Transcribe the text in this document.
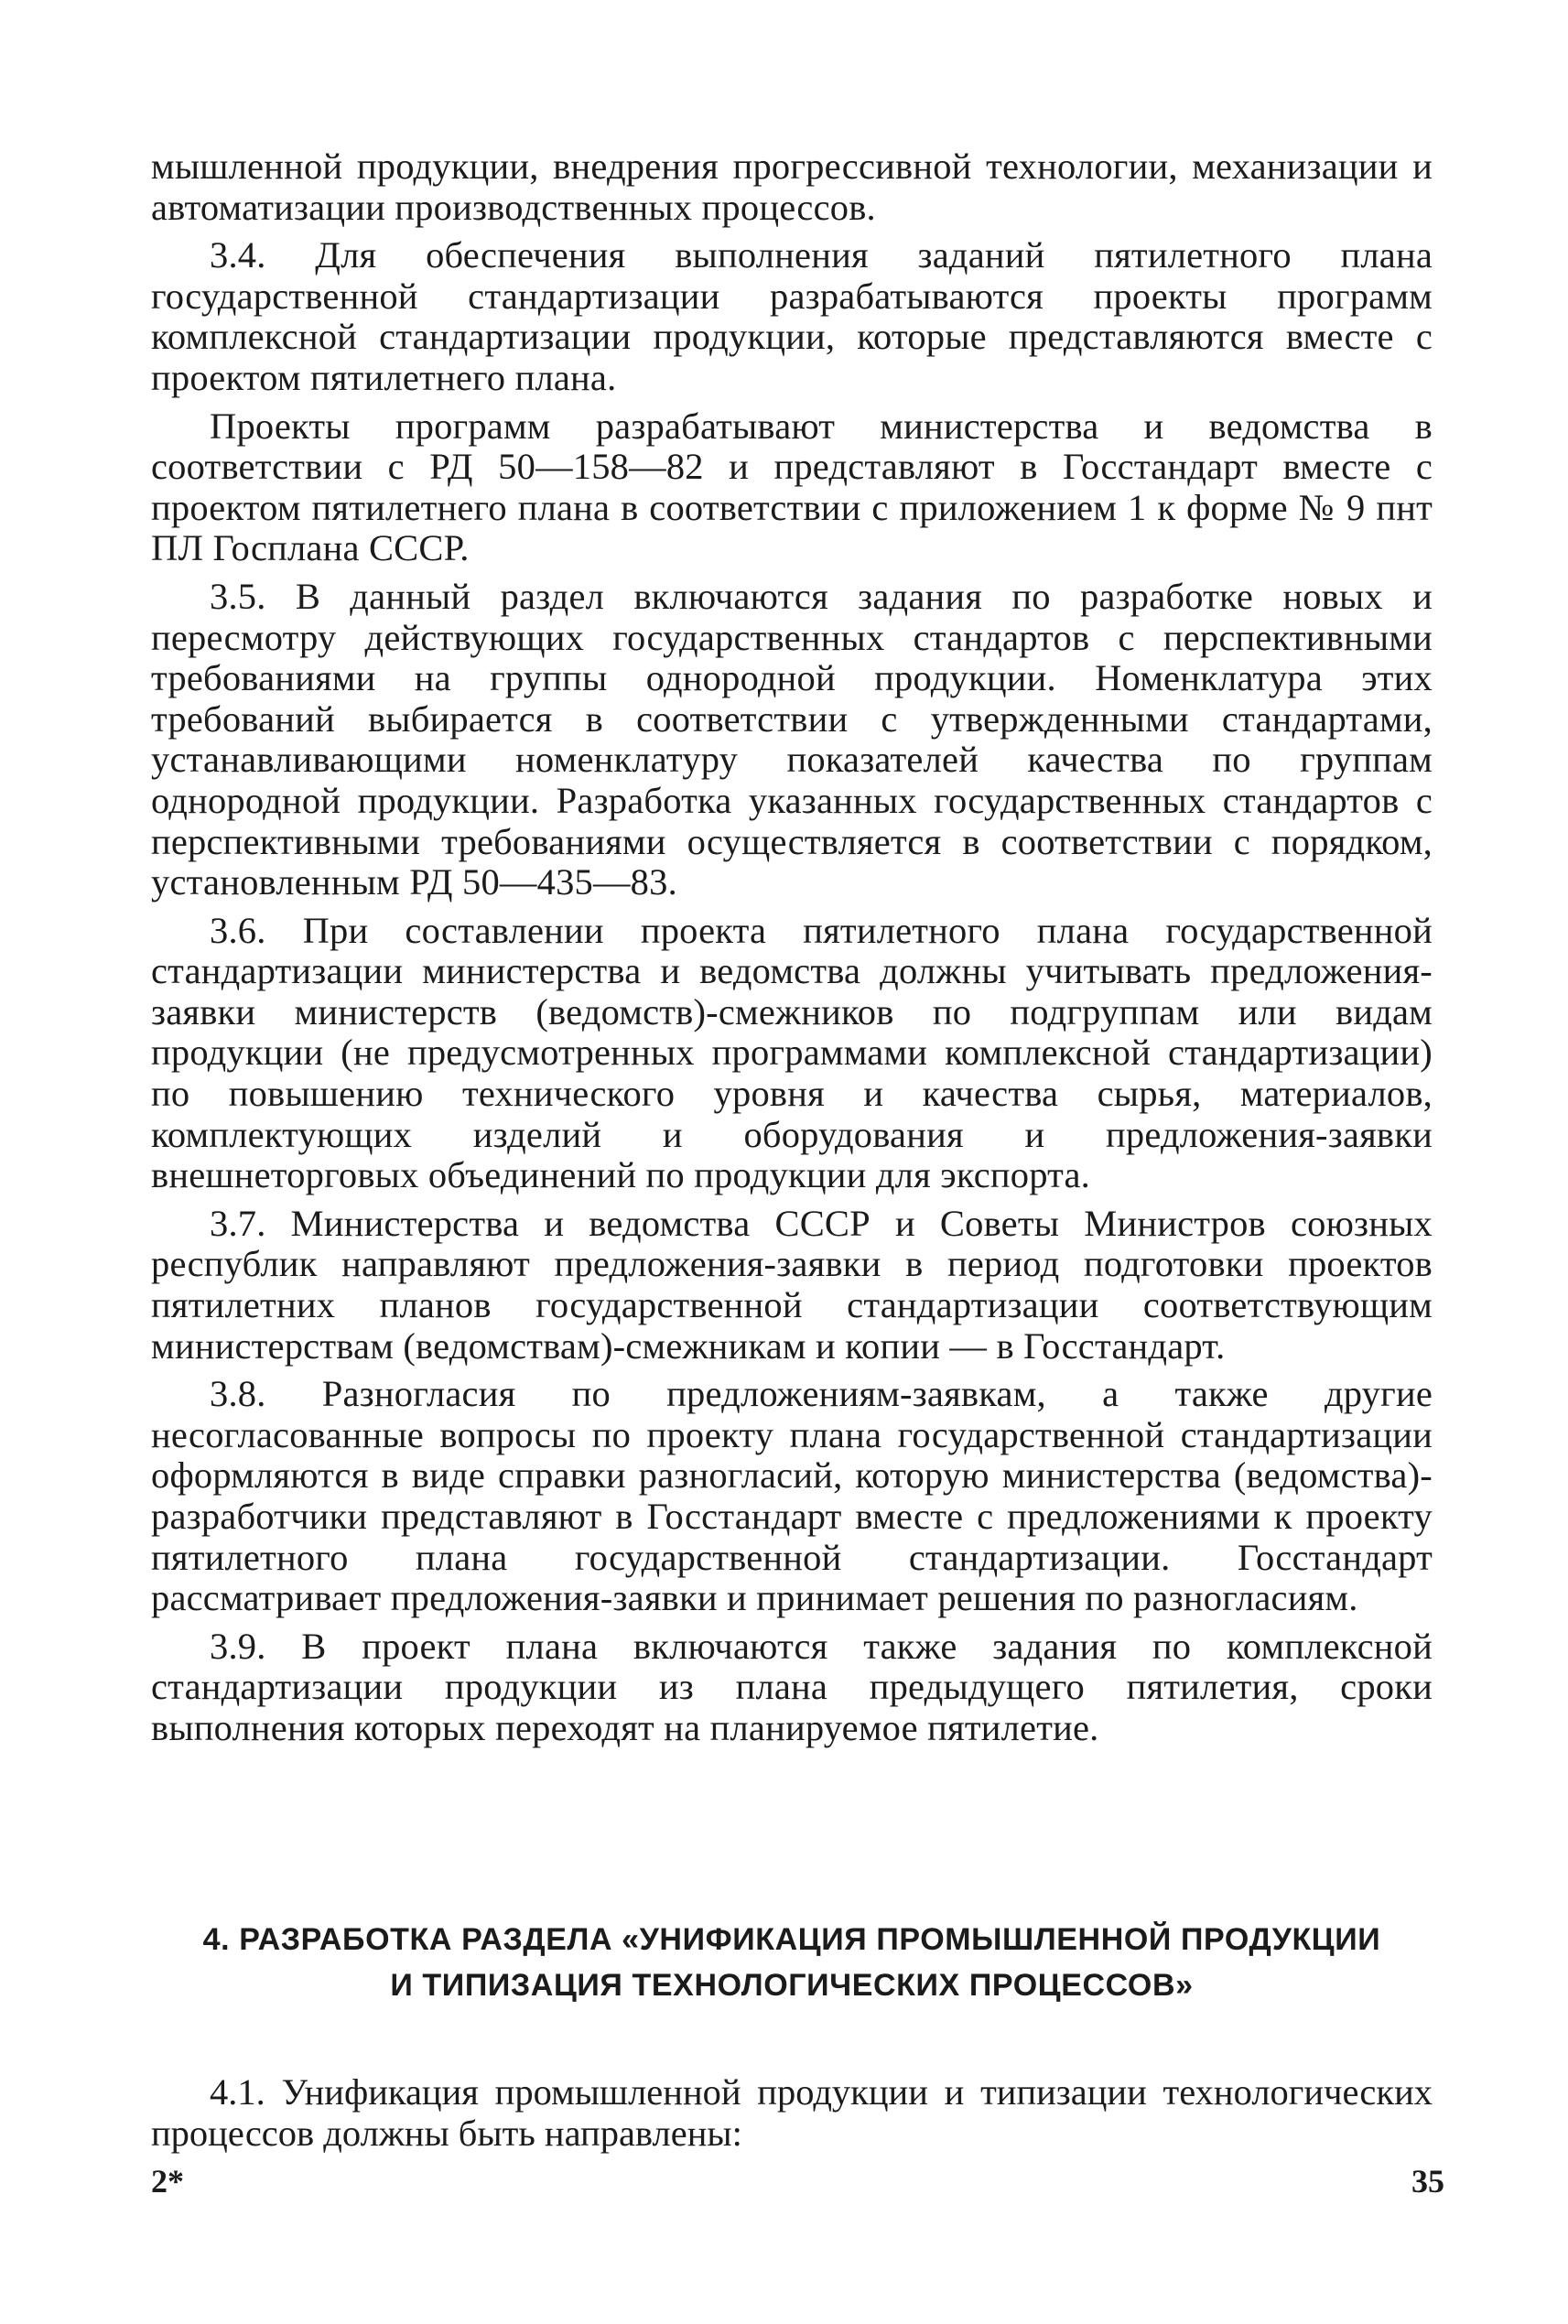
мышленной продукции, внедрения прогрессивной технологии, механизации и автоматизации производственных процессов.

3.4. Для обеспечения выполнения заданий пятилетного плана государственной стандартизации разрабатываются проекты программ комплексной стандартизации продукции, которые представляются вместе с проектом пятилетнего плана.

Проекты программ разрабатывают министерства и ведомства в соответствии с РД 50—158—82 и представляют в Госстандарт вместе с проектом пятилетнего плана в соответствии с приложением 1 к форме № 9 пнт ПЛ Госплана СССР.

3.5. В данный раздел включаются задания по разработке новых и пересмотру действующих государственных стандартов с перспективными требованиями на группы однородной продукции. Номенклатура этих требований выбирается в соответствии с утвержденными стандартами, устанавливающими номенклатуру показателей качества по группам однородной продукции. Разработка указанных государственных стандартов с перспективными требованиями осуществляется в соответствии с порядком, установленным РД 50—435—83.

3.6. При составлении проекта пятилетного плана государственной стандартизации министерства и ведомства должны учитывать предложения-заявки министерств (ведомств)-смежников по подгруппам или видам продукции (не предусмотренных программами комплексной стандартизации) по повышению технического уровня и качества сырья, материалов, комплектующих изделий и оборудования и предложения-заявки внешнеторговых объединений по продукции для экспорта.

3.7. Министерства и ведомства СССР и Советы Министров союзных республик направляют предложения-заявки в период подготовки проектов пятилетних планов государственной стандартизации соответствующим министерствам (ведомствам)-смежникам и копии — в Госстандарт.

3.8. Разногласия по предложениям-заявкам, а также другие несогласованные вопросы по проекту плана государственной стандартизации оформляются в виде справки разногласий, которую министерства (ведомства)-разработчики представляют в Госстандарт вместе с предложениями к проекту пятилетного плана государственной стандартизации. Госстандарт рассматривает предложения-заявки и принимает решения по разногласиям.

3.9. В проект плана включаются также задания по комплексной стандартизации продукции из плана предыдущего пятилетия, сроки выполнения которых переходят на планируемое пятилетие.

4. РАЗРАБОТКА РАЗДЕЛА «УНИФИКАЦИЯ ПРОМЫШЛЕННОЙ ПРОДУКЦИИ
И ТИПИЗАЦИЯ ТЕХНОЛОГИЧЕСКИХ ПРОЦЕССОВ»

4.1. Унификация промышленной продукции и типизации технологических процессов должны быть направлены:

2*	35
